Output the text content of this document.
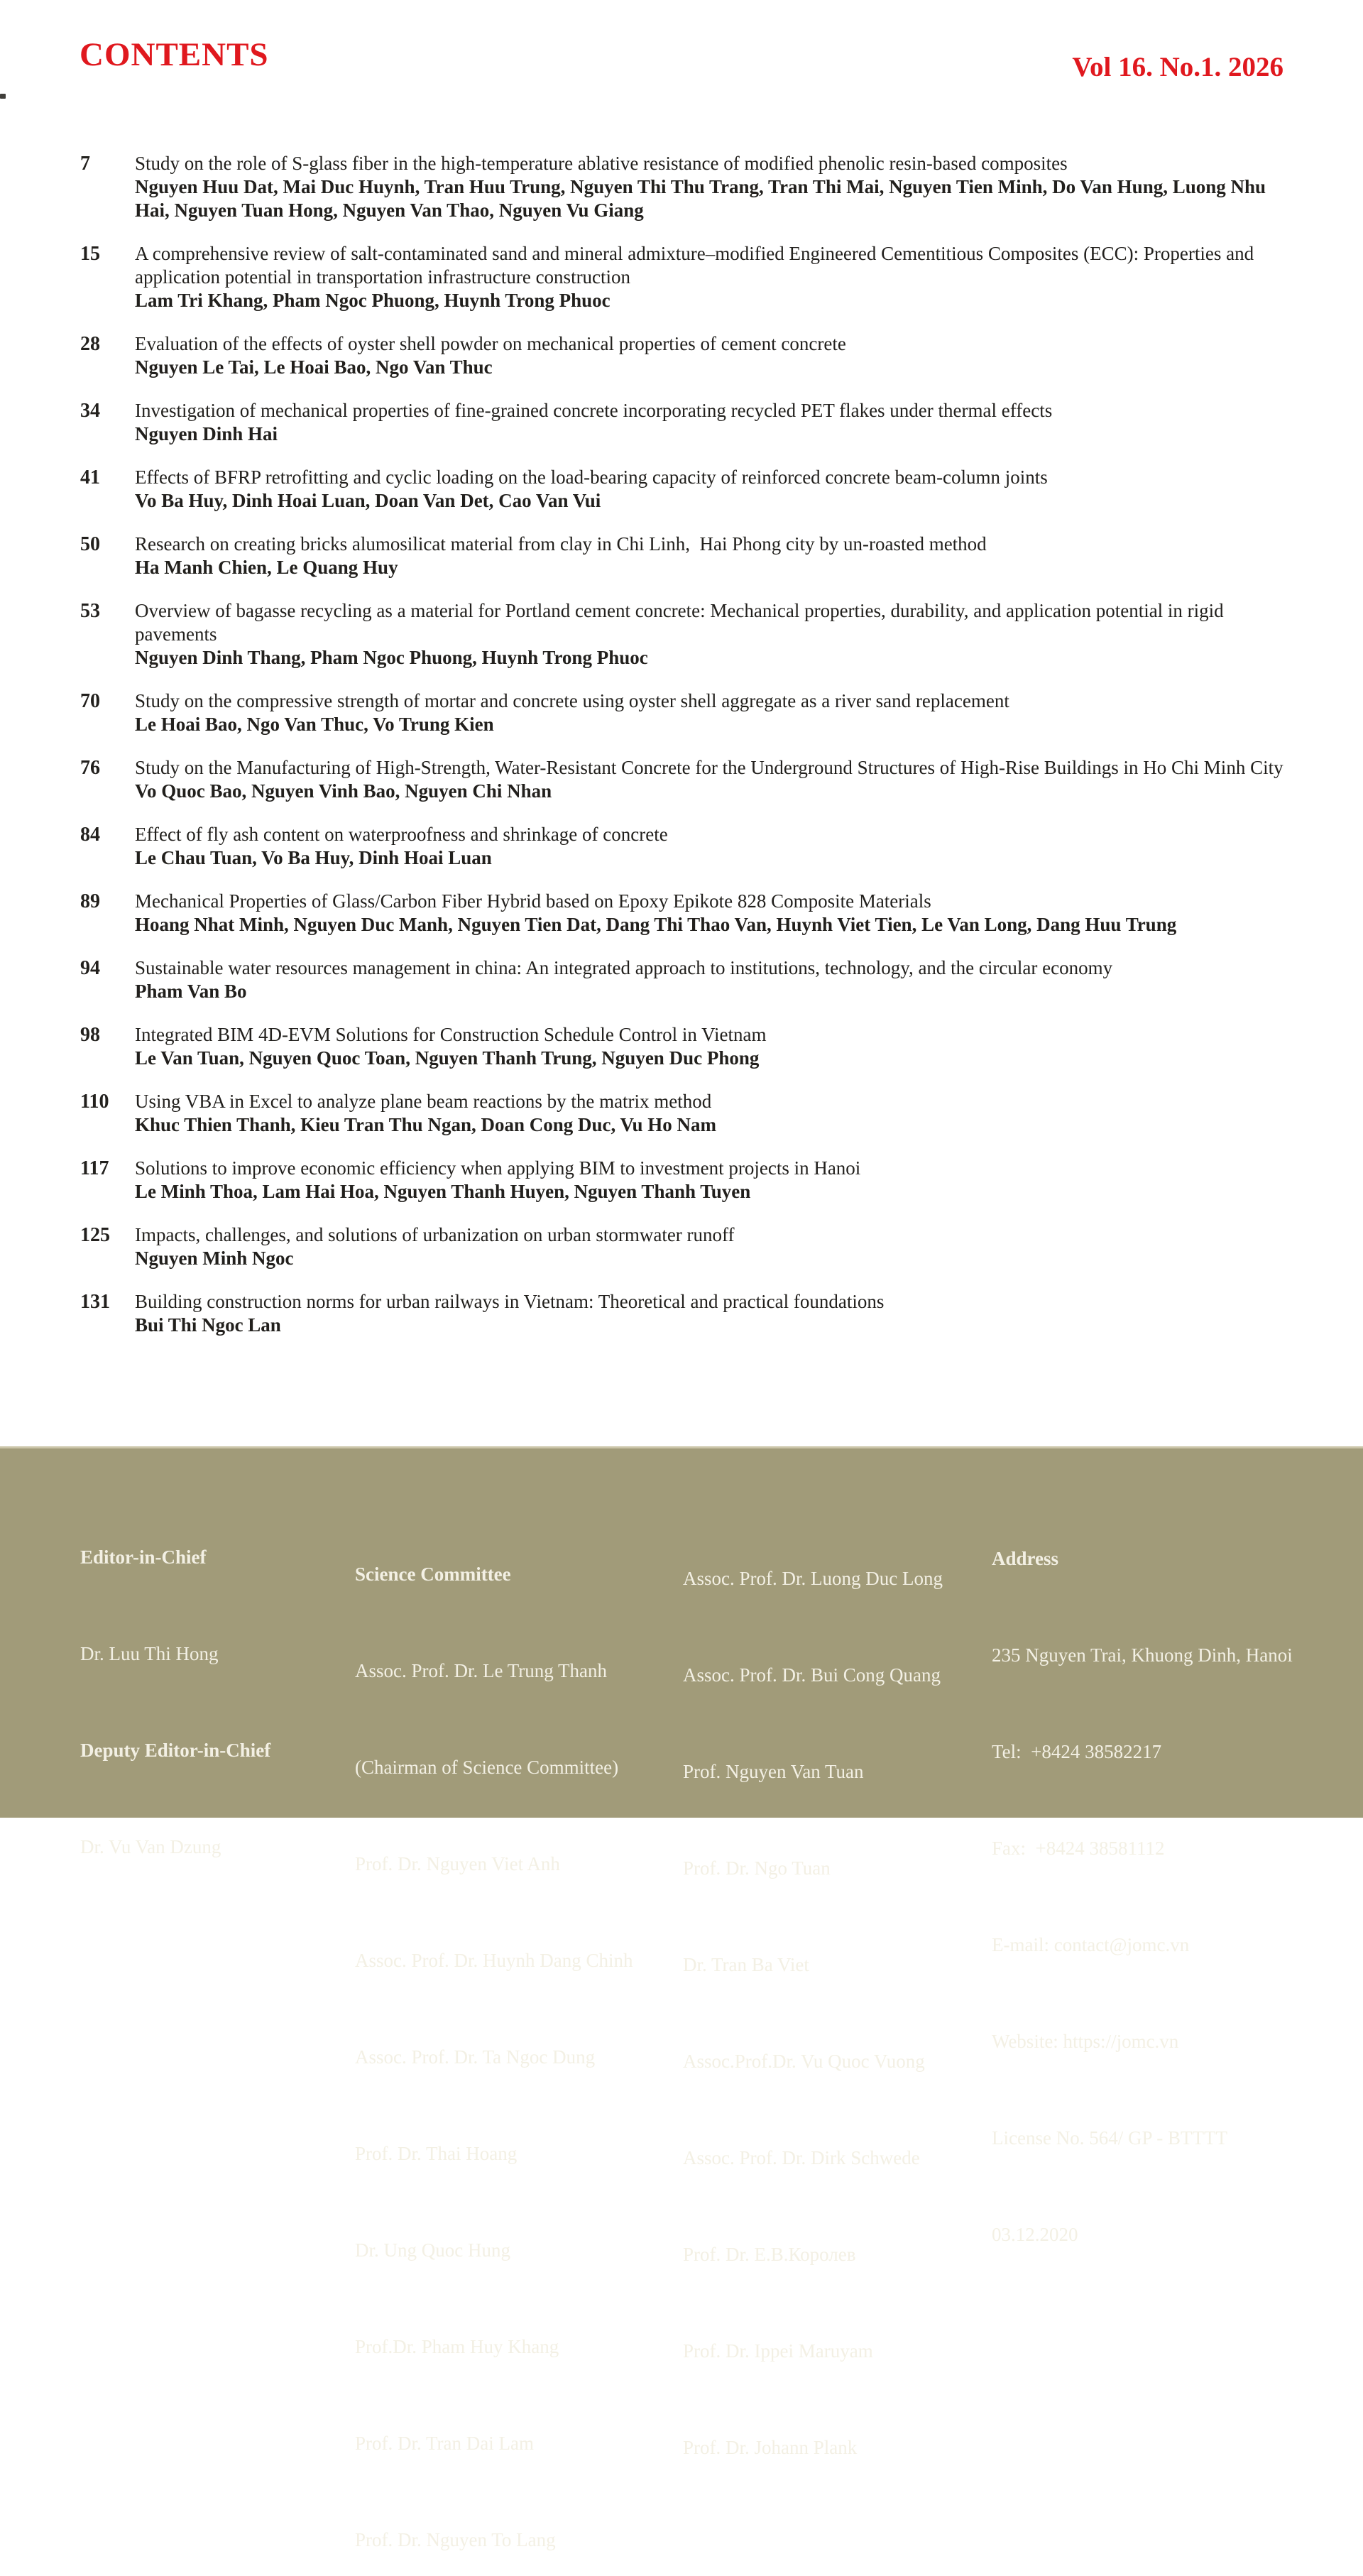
CONTENTS	Vol 16. No.1. 2026
7	Study on the role of S-glass fiber in the high-temperature ablative resistance of modified phenolic resin-based composites
Nguyen Huu Dat, Mai Duc Huynh, Tran Huu Trung, Nguyen Thi Thu Trang, Tran Thi Mai, Nguyen Tien Minh, Do Van Hung, Luong Nhu Hai, Nguyen Tuan Hong, Nguyen Van Thao, Nguyen Vu Giang
15	A comprehensive review of salt-contaminated sand and mineral admixture–modified Engineered Cementitious Composites (ECC): Properties and application potential in transportation infrastructure construction
Lam Tri Khang, Pham Ngoc Phuong, Huynh Trong Phuoc
28	Evaluation of the effects of oyster shell powder on mechanical properties of cement concrete
Nguyen Le Tai, Le Hoai Bao, Ngo Van Thuc
34	Investigation of mechanical properties of fine-grained concrete incorporating recycled PET flakes under thermal effects
Nguyen Dinh Hai
41	Effects of BFRP retrofitting and cyclic loading on the load-bearing capacity of reinforced concrete beam-column joints
Vo Ba Huy, Dinh Hoai Luan, Doan Van Det, Cao Van Vui
50	Research on creating bricks alumosilicat material from clay in Chi Linh,  Hai Phong city by un-roasted method
Ha Manh Chien, Le Quang Huy
53	Overview of bagasse recycling as a material for Portland cement concrete: Mechanical properties, durability, and application potential in rigid pavements
Nguyen Dinh Thang, Pham Ngoc Phuong, Huynh Trong Phuoc
70	Study on the compressive strength of mortar and concrete using oyster shell aggregate as a river sand replacement
Le Hoai Bao, Ngo Van Thuc, Vo Trung Kien
76	Study on the Manufacturing of High-Strength, Water-Resistant Concrete for the Underground Structures of High-Rise Buildings in Ho Chi Minh City
Vo Quoc Bao, Nguyen Vinh Bao, Nguyen Chi Nhan
84	Effect of fly ash content on waterproofness and shrinkage of concrete
Le Chau Tuan, Vo Ba Huy, Dinh Hoai Luan
89	Mechanical Properties of Glass/Carbon Fiber Hybrid based on Epoxy Epikote 828 Composite Materials
Hoang Nhat Minh, Nguyen Duc Manh, Nguyen Tien Dat, Dang Thi Thao Van, Huynh Viet Tien, Le Van Long, Dang Huu Trung
94	Sustainable water resources management in china: An integrated approach to institutions, technology, and the circular economy
Pham Van Bo
98	Integrated BIM 4D-EVM Solutions for Construction Schedule Control in Vietnam
Le Van Tuan, Nguyen Quoc Toan, Nguyen Thanh Trung, Nguyen Duc Phong
110	Using VBA in Excel to analyze plane beam reactions by the matrix method
Khuc Thien Thanh, Kieu Tran Thu Ngan, Doan Cong Duc, Vu Ho Nam
117	Solutions to improve economic efficiency when applying BIM to investment projects in Hanoi
Le Minh Thoa, Lam Hai Hoa, Nguyen Thanh Huyen, Nguyen Thanh Tuyen
125	Impacts, challenges, and solutions of urbanization on urban stormwater runoff
Nguyen Minh Ngoc
131	Building construction norms for urban railways in Vietnam: Theoretical and practical foundations
Bui Thi Ngoc Lan

Editor-in-Chief

Dr. Luu Thi Hong

Deputy Editor-in-Chief

Dr. Vu Van Dzung

Science Committee

Assoc. Prof. Dr. Le Trung Thanh

(Chairman of Science Committee)

Prof. Dr. Nguyen Viet Anh

Assoc. Prof. Dr. Huynh Dang Chinh

Assoc. Prof. Dr. Ta Ngoc Dung

Prof. Dr. Thai Hoang

Dr. Ung Quoc Hung

Prof.Dr. Pham Huy Khang

Prof. Dr. Tran Dai Lam

Prof. Dr. Nguyen To Lang

Assoc. Prof. Dr. Luong Duc Long

Assoc. Prof. Dr. Bui Cong Quang

Prof. Nguyen Van Tuan

Prof. Dr. Ngo Tuan

Dr. Tran Ba Viet

Assoc.Prof.Dr. Vu Quoc Vuong

Assoc. Prof. Dr. Dirk Schwede

Prof. Dr. E.B.Королев

Prof. Dr. Ippei Maruyam

Prof. Dr. Johann Plank

Address

235 Nguyen Trai, Khuong Dinh, Hanoi

Tel:  +8424 38582217

Fax:  +8424 38581112

E-mail: contact@jomc.vn

Website: https://jomc.vn

License No. 564/ GP - BTTTT

03.12.2020
